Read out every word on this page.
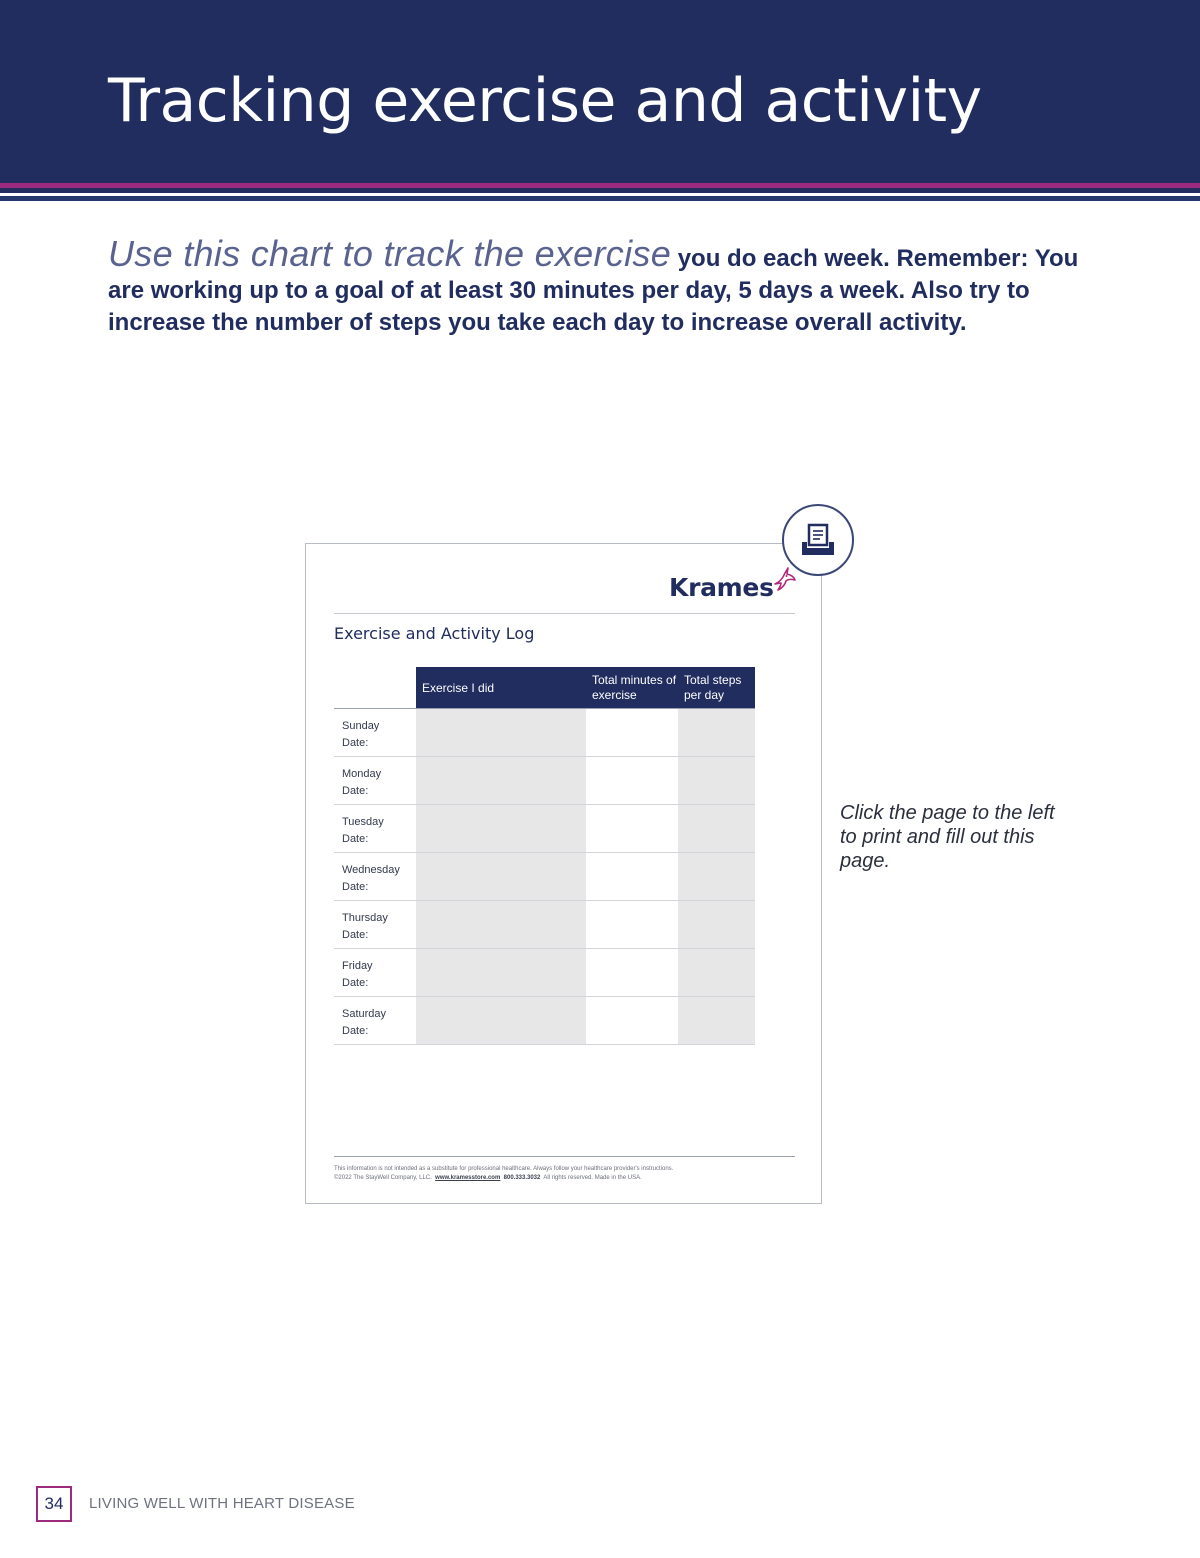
Tracking exercise and activity

Use this chart to track the exercise you do each week. Remember: You are working up to a goal of at least 30 minutes per day, 5 days a week. Also try to increase the number of steps you take each day to increase overall activity.

Krames
Exercise and Activity Log
Exercise I did
Total minutes of exercise
Total steps per day
Sunday
Date:
Monday
Date:
Tuesday
Date:
Wednesday
Date:
Thursday
Date:
Friday
Date:
Saturday
Date:
This information is not intended as a substitute for professional healthcare. Always follow your healthcare provider's instructions.
©2022 The StayWell Company, LLC. www.kramesstore.com 800.333.3032 All rights reserved. Made in the USA.

Click the page to the left to print and fill out this page.

34	LIVING WELL WITH HEART DISEASE
